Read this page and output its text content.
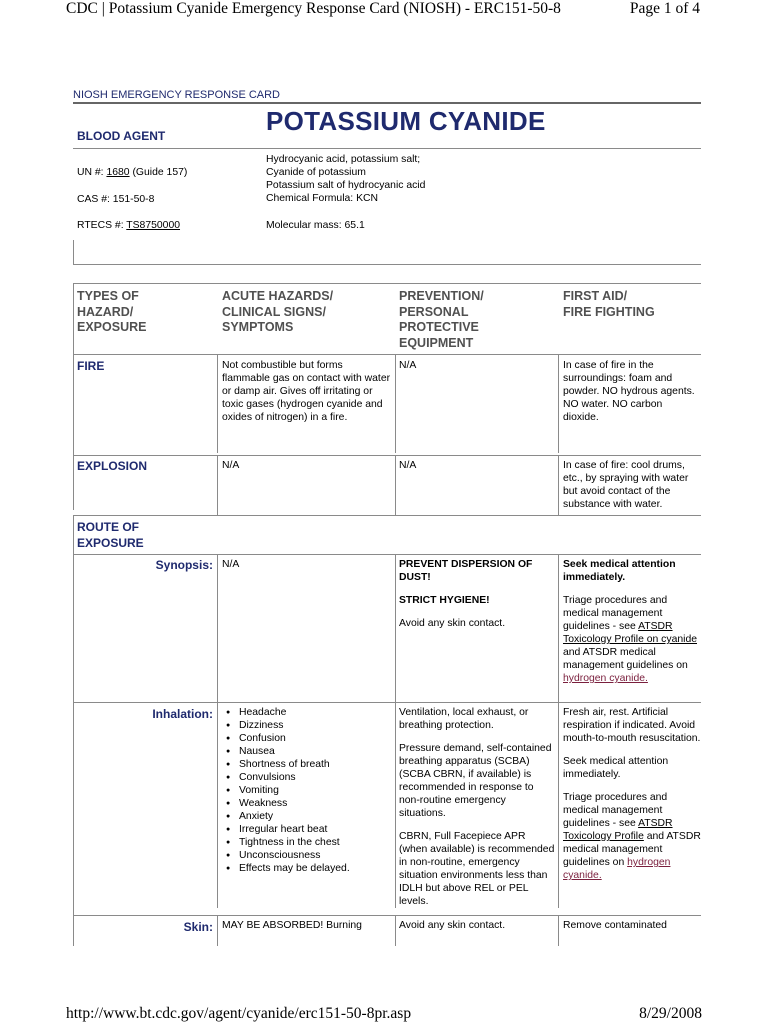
CDC | Potassium Cyanide Emergency Response Card (NIOSH) - ERC151-50-8	Page 1 of 4
http://www.bt.cdc.gov/agent/cyanide/erc151-50-8pr.asp	8/29/2008
NIOSH EMERGENCY RESPONSE CARD
POTASSIUM CYANIDE
BLOOD AGENT
UN #: 1680 (Guide 157)
CAS #: 151-50-8
RTECS #: TS8750000
Hydrocyanic acid, potassium salt;
Cyanide of potassium
Potassium salt of hydrocyanic acid
Chemical Formula: KCN
Molecular mass: 65.1
TYPES OF
HAZARD/
EXPOSURE
ACUTE HAZARDS/
CLINICAL SIGNS/
SYMPTOMS
PREVENTION/
PERSONAL
PROTECTIVE
EQUIPMENT
FIRST AID/
FIRE FIGHTING
FIRE	Not combustible but forms flammable gas on contact with water or damp air. Gives off irritating or toxic gases (hydrogen cyanide and oxides of nitrogen) in a fire.
N/A	In case of fire in the surroundings: foam and powder. NO hydrous agents. NO water. NO carbon dioxide.
EXPLOSION	N/A	N/A	In case of fire: cool drums, etc., by spraying with water but avoid contact of the substance with water.
ROUTE OF
EXPOSURE
Synopsis: N/A	PREVENT DISPERSION OF DUST!

STRICT HYGIENE!

Avoid any skin contact.

Seek medical attention immediately.

Triage procedures and medical management guidelines - see ATSDR Toxicology Profile on cyanide and ATSDR medical management guidelines on hydrogen cyanide.

Inhalation:
●	Headache
● Dizziness
● Confusion
● Nausea
● Shortness of breath
● Convulsions
● Vomiting
● Weakness
● Anxiety
● Irregular heart beat
● Tightness in the chest
● Unconsciousness
● Effects may be delayed.

Ventilation, local exhaust, or breathing protection.

Pressure demand, self-contained breathing apparatus (SCBA) (SCBA CBRN, if available) is recommended in response to non-routine emergency situations.

CBRN, Full Facepiece APR (when available) is recommended in non-routine, emergency situation environments less than IDLH but above REL or PEL levels.

Fresh air, rest. Artificial respiration if indicated. Avoid mouth-to-mouth resuscitation.

Seek medical attention immediately.

Triage procedures and medical management guidelines - see ATSDR Toxicology Profile and ATSDR medical management guidelines on hydrogen cyanide.

Skin: MAY BE ABSORBED! Burning	Avoid any skin contact.	Remove contaminated
